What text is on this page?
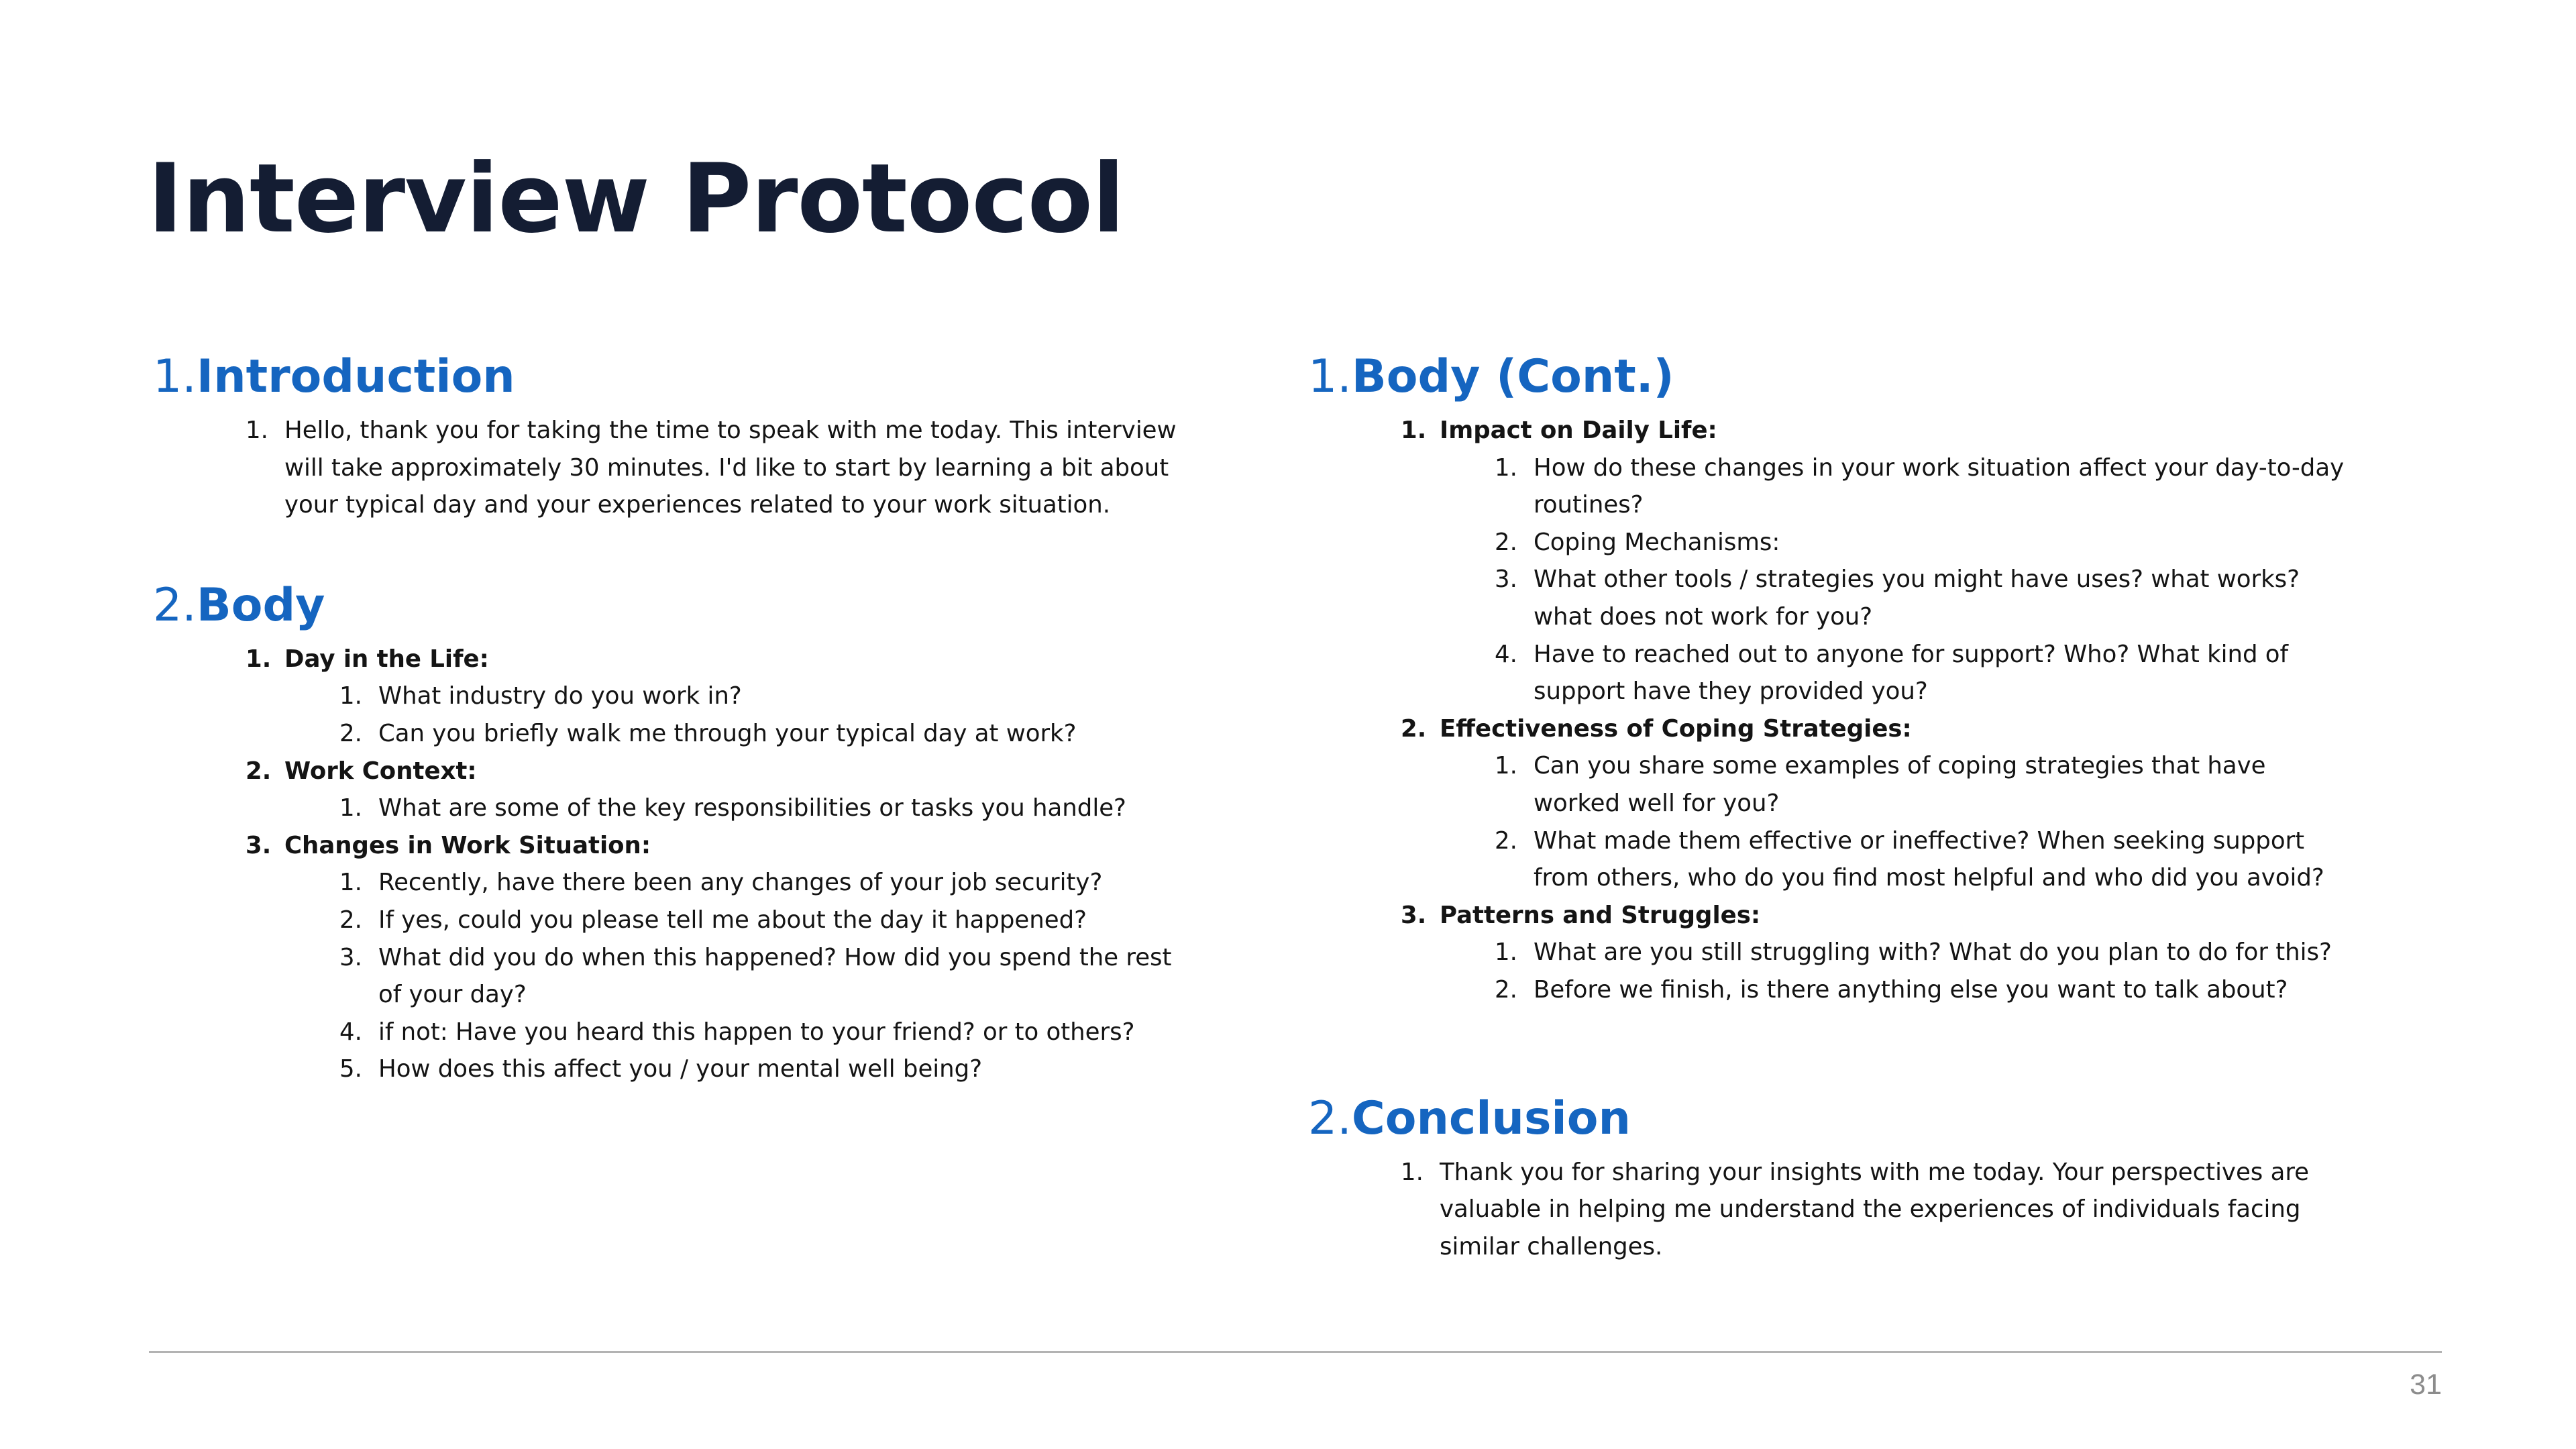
Interview Protocol
1. Introduction
1. Hello, thank you for taking the time to speak with me today. This interview will take approximately 30 minutes. I'd like to start by learning a bit about your typical day and your experiences related to your work situation.
2. Body
1. Day in the Life:
1. What industry do you work in?
2. Can you briefly walk me through your typical day at work?
2. Work Context:
1. What are some of the key responsibilities or tasks you handle?
3. Changes in Work Situation:
1. Recently, have there been any changes of your job security?
2. If yes, could you please tell me about the day it happened?
3. What did you do when this happened? How did you spend the rest of your day?
4. if not: Have you heard this happen to your friend? or to others?
5. How does this affect you / your mental well being?
1. Body (Cont.)
1. Impact on Daily Life:
1. How do these changes in your work situation affect your day-to-day routines?
2. Coping Mechanisms:
3. What other tools / strategies you might have uses? what works? what does not work for you?
4. Have to reached out to anyone for support? Who? What kind of support have they provided you?
2. Effectiveness of Coping Strategies:
1. Can you share some examples of coping strategies that have worked well for you?
2. What made them effective or ineffective? When seeking support from others, who do you find most helpful and who did you avoid?
3. Patterns and Struggles:
1. What are you still struggling with? What do you plan to do for this?
2. Before we finish, is there anything else you want to talk about?
2. Conclusion
1. Thank you for sharing your insights with me today. Your perspectives are valuable in helping me understand the experiences of individuals facing similar challenges.
31
